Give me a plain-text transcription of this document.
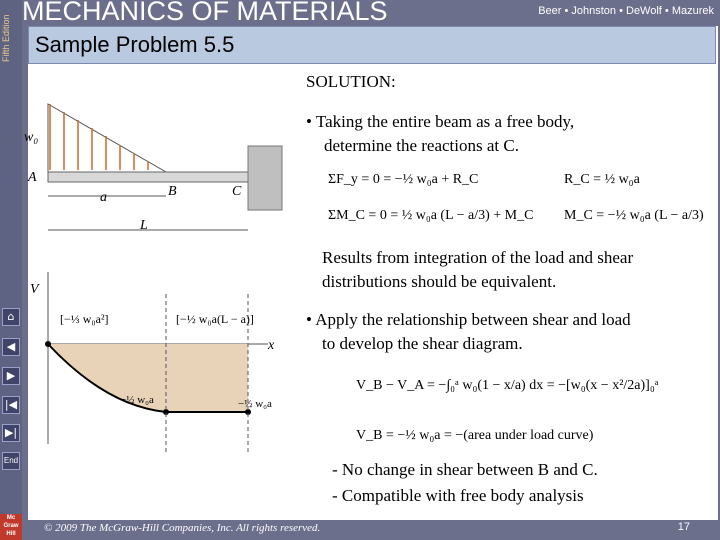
Fifth Edition
⌂
◀
▶
|◀
▶|
End
Mc Graw Hill
MECHANICS OF MATERIALS	Beer • Johnston • DeWolf • Mazurek
Sample Problem 5.5
w₀
A
B	C
a
L
V
x
[−⅓ w₀a²]	[−½ w₀a(L − a)]
−½ w₀a	−½ w₀a
SOLUTION:
• Taking the entire beam as a free body,
determine the reactions at C.
ΣF_y = 0 = −½ w₀a + R_C	R_C = ½ w₀a
ΣM_C = 0 = ½ w₀a (L − a/3) + M_C M_C = −½ w₀a (L − a/3)
Results from integration of the load and shear
distributions should be equivalent.
• Apply the relationship between shear and load
to develop the shear diagram.
V_B − V_A = −∫₀ᵃ w₀(1 − x/a) dx = −[w₀(x − x²/2a)]₀ᵃ
V_B = −½ w₀a = −(area under load curve)
- No change in shear between B and C.
- Compatible with free body analysis
© 2009 The McGraw-Hill Companies, Inc. All rights reserved.	17
